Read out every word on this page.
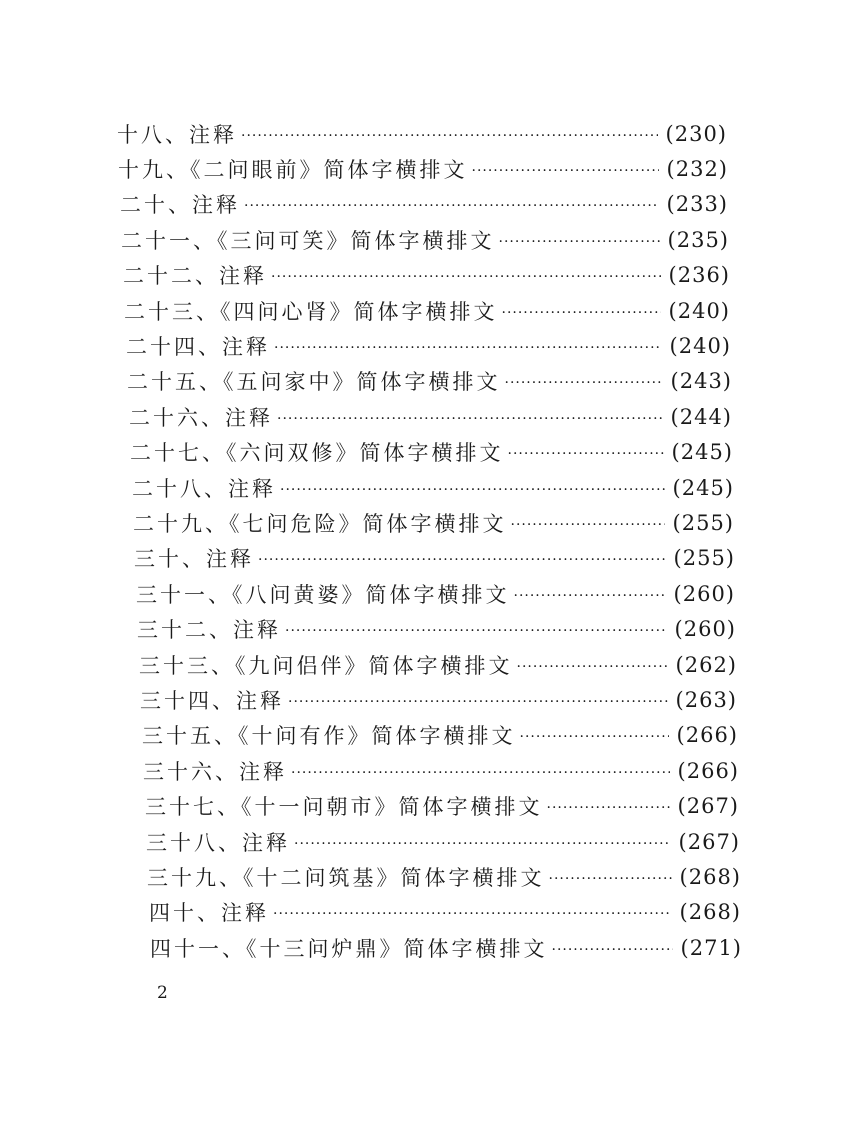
十八、注释 ·····	(230)
十九、《二问眼前》简体字横排文 ·····	(232)
二十、注释 ·····	(233)
二十一、《三问可笑》简体字横排文 ·····	(235)
二十二、注释 ·····	(236)
二十三、《四问心肾》简体字横排文 ·····	(240)
二十四、注释 ·····	(240)
二十五、《五问家中》简体字横排文 ·····	(243)
二十六、注释 ·····	(244)
二十七、《六问双修》简体字横排文 ·····	(245)
二十八、注释 ·····	(245)
二十九、《七问危险》简体字横排文 ·····	(255)
三十、注释 ·····	(255)
三十一、《八问黄婆》简体字横排文 ·····	(260)
三十二、注释 ·····	(260)
三十三、《九问侣伴》简体字横排文 ·····	(262)
三十四、注释 ·····	(263)
三十五、《十问有作》简体字横排文 ·····	(266)
三十六、注释 ·····	(266)
三十七、《十一问朝市》简体字横排文 ·····	(267)
三十八、注释 ·····	(267)
三十九、《十二问筑基》简体字横排文 ·····	(268)
四十、注释 ·····	(268)
四十一、《十三问炉鼎》简体字横排文 ·····	(271)
2
